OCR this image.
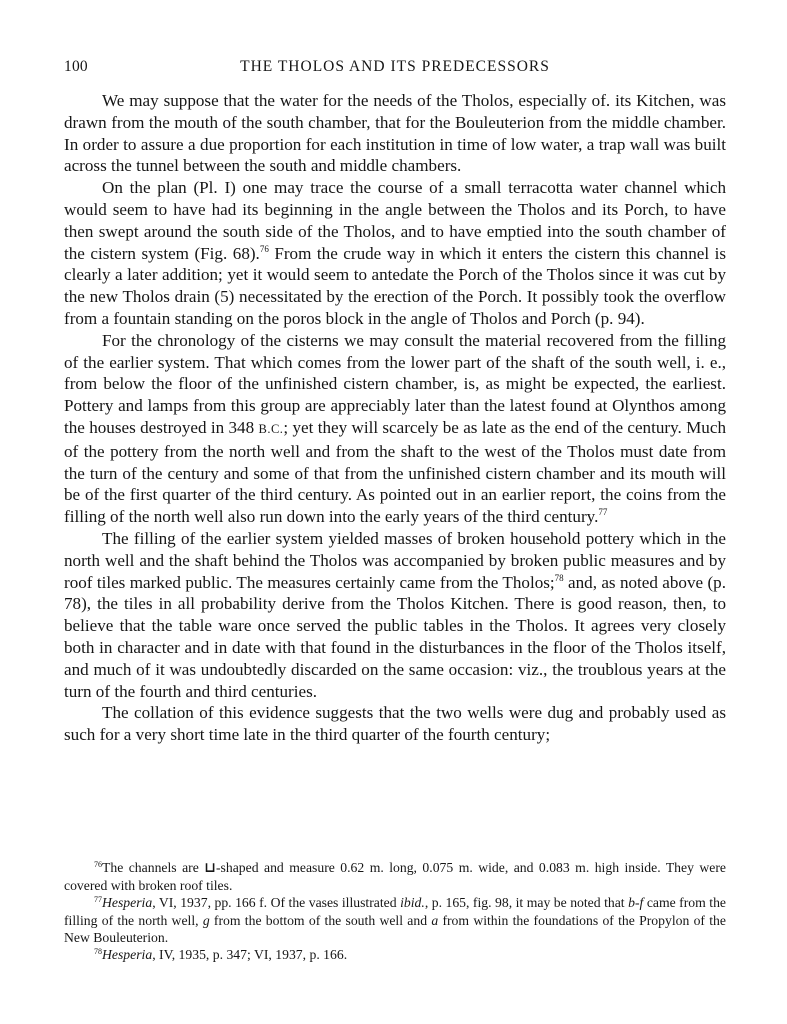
100	THE THOLOS AND ITS PREDECESSORS

We may suppose that the water for the needs of the Tholos, especially of. its Kitchen, was drawn from the mouth of the south chamber, that for the Bouleuterion from the middle chamber. In order to assure a due proportion for each institution in time of low water, a trap wall was built across the tunnel between the south and middle chambers.

On the plan (Pl. I) one may trace the course of a small terracotta water channel which would seem to have had its beginning in the angle between the Tholos and its Porch, to have then swept around the south side of the Tholos, and to have emptied into the south chamber of the cistern system (Fig. 68).$^{76}$ From the crude way in which it enters the cistern this channel is clearly a later addition; yet it would seem to antedate the Porch of the Tholos since it was cut by the new Tholos drain (5) necessitated by the erection of the Porch. It possibly took the overflow from a fountain standing on the poros block in the angle of Tholos and Porch (p. 94).

For the chronology of the cisterns we may consult the material recovered from the filling of the earlier system. That which comes from the lower part of the shaft of the south well, i. e., from below the floor of the unfinished cistern chamber, is, as might be expected, the earliest. Pottery and lamps from this group are appreciably later than the latest found at Olynthos among the houses destroyed in 348 B.C.; yet they will scarcely be as late as the end of the century. Much of the pottery from the north well and from the shaft to the west of the Tholos must date from the turn of the century and some of that from the unfinished cistern chamber and its mouth will be of the first quarter of the third century. As pointed out in an earlier report, the coins from the filling of the north well also run down into the early years of the third century.$^{77}$

The filling of the earlier system yielded masses of broken household pottery which in the north well and the shaft behind the Tholos was accompanied by broken public measures and by roof tiles marked public. The measures certainly came from the Tholos;$^{78}$ and, as noted above (p. 78), the tiles in all probability derive from the Tholos Kitchen. There is good reason, then, to believe that the table ware once served the public tables in the Tholos. It agrees very closely both in character and in date with that found in the disturbances in the floor of the Tholos itself, and much of it was undoubtedly discarded on the same occasion: viz., the troublous years at the turn of the fourth and third centuries.

The collation of this evidence suggests that the two wells were dug and probably used as such for a very short time late in the third quarter of the fourth century;

$^{76}$The channels are ⊔-shaped and measure 0.62 m. long, 0.075 m. wide, and 0.083 m. high inside. They were covered with broken roof tiles.

$^{77}$Hesperia, VI, 1937, pp. 166 f. Of the vases illustrated ibid., p. 165, fig. 98, it may be noted that b-f came from the filling of the north well, g from the bottom of the south well and a from within the foundations of the Propylon of the New Bouleuterion.

$^{78}$Hesperia, IV, 1935, p. 347; VI, 1937, p. 166.
